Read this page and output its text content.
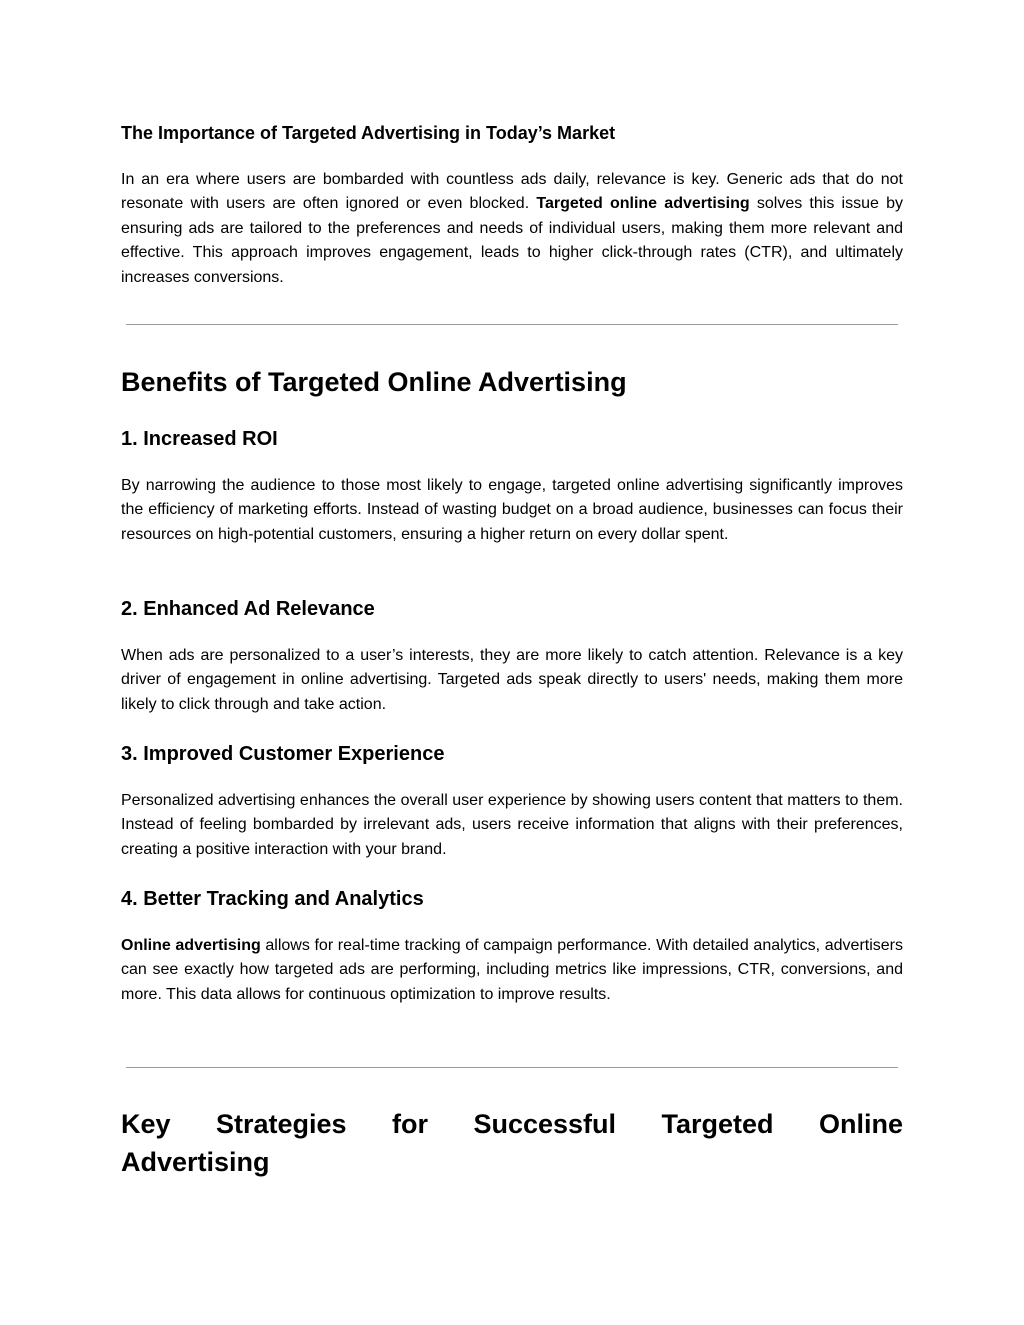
The Importance of Targeted Advertising in Today’s Market

In an era where users are bombarded with countless ads daily, relevance is key. Generic ads that do not resonate with users are often ignored or even blocked. Targeted online advertising solves this issue by ensuring ads are tailored to the preferences and needs of individual users, making them more relevant and effective. This approach improves engagement, leads to higher click-through rates (CTR), and ultimately increases conversions.

Benefits of Targeted Online Advertising
1. Increased ROI

By narrowing the audience to those most likely to engage, targeted online advertising significantly improves the efficiency of marketing efforts. Instead of wasting budget on a broad audience, businesses can focus their resources on high-potential customers, ensuring a higher return on every dollar spent.

2. Enhanced Ad Relevance

When ads are personalized to a user’s interests, they are more likely to catch attention. Relevance is a key driver of engagement in online advertising. Targeted ads speak directly to users' needs, making them more likely to click through and take action.

3. Improved Customer Experience

Personalized advertising enhances the overall user experience by showing users content that matters to them. Instead of feeling bombarded by irrelevant ads, users receive information that aligns with their preferences, creating a positive interaction with your brand.

4. Better Tracking and Analytics

Online advertising allows for real-time tracking of campaign performance. With detailed analytics, advertisers can see exactly how targeted ads are performing, including metrics like impressions, CTR, conversions, and more. This data allows for continuous optimization to improve results.

Key Strategies for Successful Targeted Online
Advertising
